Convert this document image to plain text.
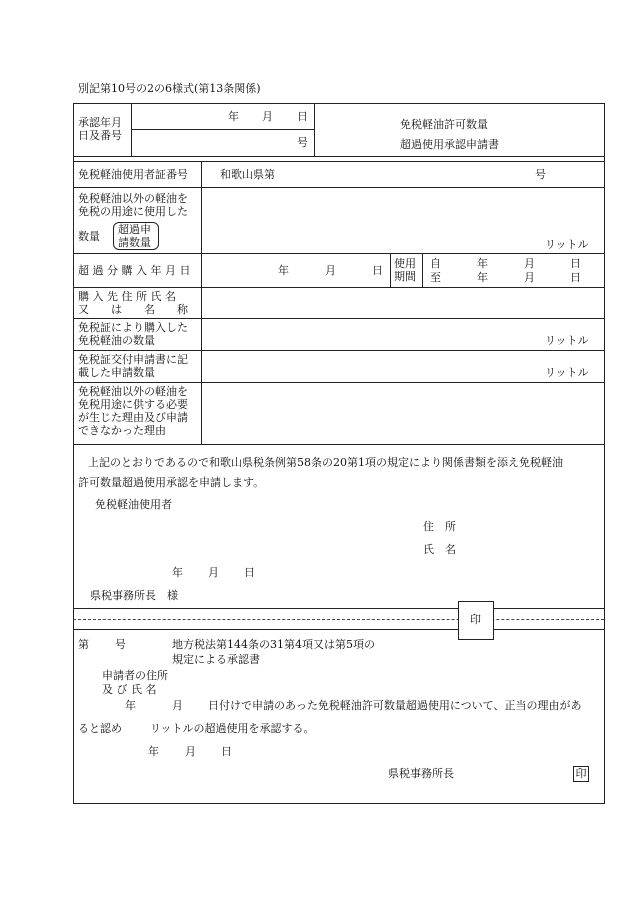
別記第10号の2の6様式(第13条関係)
承認年月
日及番号
年 月 日
号
免税軽油許可数量
超過使用承認申請書
免税軽油使用者証番号	和歌山県第	号
免税軽油以外の軽油を
免税の用途に使用した
数量
超過申
請数量	リットル
超 過 分 購 入 年 月 日	年	月	日
使用
期間
自	年	月	日
至	年	月	日
購 入 先 住 所 氏 名
又　　は　　名　　称
免税証により購入した
免税軽油の数量	リットル
免税証交付申請書に記
載した申請数量	リットル
免税軽油以外の軽油を
免税用途に供する必要
が生じた理由及び申請
できなかった理由
上記のとおりであるので和歌山県税条例第58条の20第1項の規定により関係書類を添え免税軽油
許可数量超過使用承認を申請します。
免税軽油使用者
住　所
氏　名
年 月 日
県税事務所長　様
印
第 号	地方税法第144条の31第4項又は第5項の
規定による承認書
申請者の住所
及 び 氏 名
年	月 日付けで申請のあった免税軽油許可数量超過使用について、正当の理由があ
ると認め	リットルの超過使用を承認する。
年 月 日
県税事務所長	印
